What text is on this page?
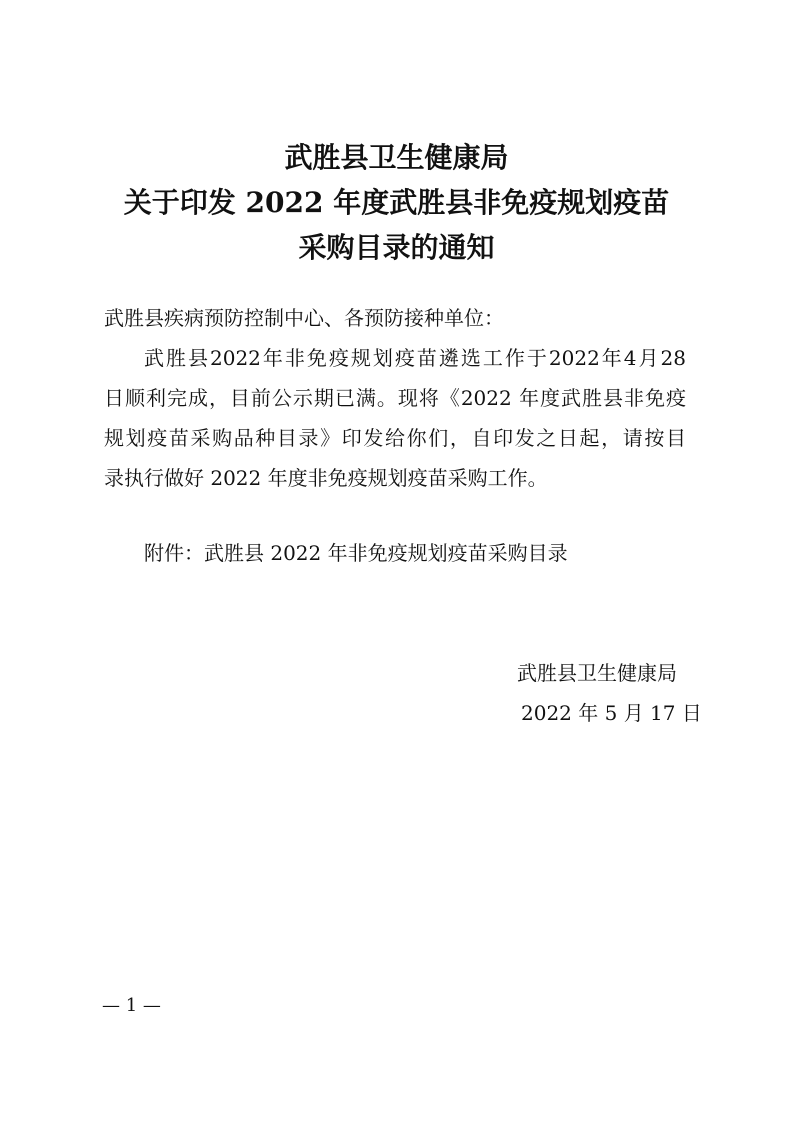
武胜县卫生健康局
关于印发 2022 年度武胜县非免疫规划疫苗
采购目录的通知
武胜县疾病预防控制中心、各预防接种单位：
武胜县2022年非免疫规划疫苗遴选工作于2022年4月28
日顺利完成，目前公示期已满。现将《2022 年度武胜县非免疫
规划疫苗采购品种目录》印发给你们，自印发之日起，请按目
录执行做好 2022 年度非免疫规划疫苗采购工作。
附件：武胜县 2022 年非免疫规划疫苗采购目录
武胜县卫生健康局
2022 年 5 月 17 日
— 1 —
